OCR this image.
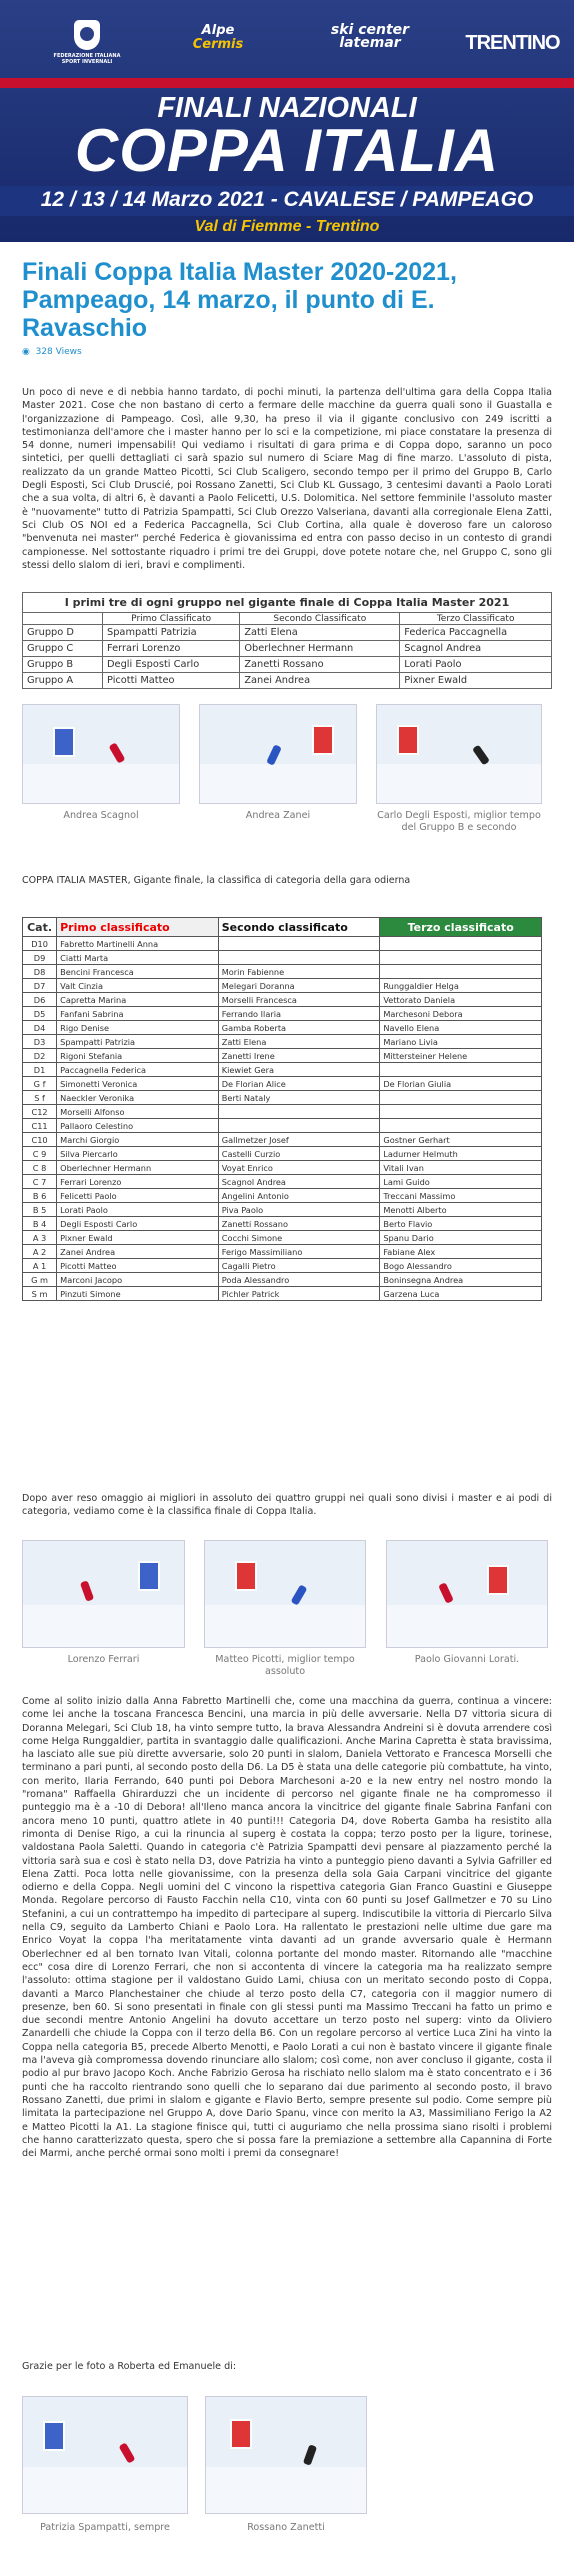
FEDERAZIONE ITALIANA SPORT INVERNALI
Alpe
Cermis
ski center
latemar	TRENTINO
FINALI NAZIONALI
COPPA ITALIA
12 / 13 / 14 Marzo 2021 - CAVALESE / PAMPEAGO
Val di Fiemme - Trentino
Finali Coppa Italia Master 2020-2021, Pampeago, 14 marzo, il punto di E. Ravaschio
◉ 328 Views

Un poco di neve e di nebbia hanno tardato, di pochi minuti, la partenza dell'ultima gara della Coppa Italia Master 2021. Cose che non bastano di certo a fermare delle macchine da guerra quali sono il Guastalla e l'organizzazione di Pampeago. Così, alle 9,30, ha preso il via il gigante conclusivo con 249 iscritti a testimonianza dell'amore che i master hanno per lo sci e la competizione, mi piace constatare la presenza di 54 donne, numeri impensabili! Qui vediamo i risultati di gara prima e di Coppa dopo, saranno un poco sintetici, per quelli dettagliati ci sarà spazio sul numero di Sciare Mag di fine marzo. L'assoluto di pista, realizzato da un grande Matteo Picotti, Sci Club Scaligero, secondo tempo per il primo del Gruppo B, Carlo Degli Esposti, Sci Club Druscié, poi Rossano Zanetti, Sci Club KL Gussago, 3 centesimi davanti a Paolo Lorati che a sua volta, di altri 6, è davanti a Paolo Felicetti, U.S. Dolomitica. Nel settore femminile l'assoluto master è "nuovamente" tutto di Patrizia Spampatti, Sci Club Orezzo Valseriana, davanti alla corregionale Elena Zatti, Sci Club OS NOI ed a Federica Paccagnella, Sci Club Cortina, alla quale è doveroso fare un caloroso "benvenuta nei master" perché Federica è giovanissima ed entra con passo deciso in un contesto di grandi campionesse. Nel sottostante riquadro i primi tre dei Gruppi, dove potete notare che, nel Gruppo C, sono gli stessi dello slalom di ieri, bravi e complimenti.

I primi tre di ogni gruppo nel gigante finale di Coppa Italia Master 2021			
	Primo Classificato	Secondo Classificato	Terzo Classificato
Gruppo D	Spampatti Patrizia	Zatti Elena	Federica Paccagnella
Gruppo C	Ferrari Lorenzo	Oberlechner Hermann	Scagnol Andrea
Gruppo B	Degli Esposti Carlo	Zanetti Rossano	Lorati Paolo
Gruppo A	Picotti Matteo	Zanei Andrea	Pixner Ewald
Andrea Scagnol	Andrea Zanei	Carlo Degli Esposti, miglior tempo del Gruppo B e secondo
COPPA ITALIA MASTER, Gigante finale, la classifica di categoria della gara odierna
Cat.	Primo classificato	Secondo classificato	Terzo classificato
D10	Fabretto Martinelli Anna		
D9	Ciatti Marta		
D8	Bencini Francesca	Morin Fabienne	
D7	Valt Cinzia	Melegari Doranna	Runggaldier Helga
D6	Capretta Marina	Morselli Francesca	Vettorato Daniela
D5	Fanfani Sabrina	Ferrando Ilaria	Marchesoni Debora
D4	Rigo Denise	Gamba Roberta	Navello Elena
D3	Spampatti Patrizia	Zatti Elena	Mariano Livia
D2	Rigoni Stefania	Zanetti Irene	Mittersteiner Helene
D1	Paccagnella Federica	Kiewiet Gera	
G f	Simonetti Veronica	De Florian Alice	De Florian Giulia
S f	Naeckler Veronika	Berti Nataly	
C12	Morselli Alfonso		
C11	Pallaoro Celestino		
C10	Marchi Giorgio	Gallmetzer Josef	Gostner Gerhart
C 9	Silva Piercarlo	Castelli Curzio	Ladurner Helmuth
C 8	Oberlechner Hermann	Voyat Enrico	Vitali Ivan
C 7	Ferrari Lorenzo	Scagnol Andrea	Lami Guido
B 6	Felicetti Paolo	Angelini Antonio	Treccani Massimo
B 5	Lorati Paolo	Piva Paolo	Menotti Alberto
B 4	Degli Esposti Carlo	Zanetti Rossano	Berto Flavio
A 3	Pixner Ewald	Cocchi Simone	Spanu Dario
A 2	Zanei Andrea	Ferigo Massimiliano	Fabiane Alex
A 1	Picotti Matteo	Cagalli Pietro	Bogo Alessandro
G m	Marconi Jacopo	Poda Alessandro	Boninsegna Andrea
S m	Pinzuti Simone	Pichler Patrick	Garzena Luca

Dopo aver reso omaggio ai migliori in assoluto dei quattro gruppi nei quali sono divisi i master e ai podi di categoria, vediamo come è la classifica finale di Coppa Italia.

Lorenzo Ferrari	Matteo Picotti, miglior tempo assoluto
Paolo Giovanni Lorati.

Come al solito inizio dalla Anna Fabretto Martinelli che, come una macchina da guerra, continua a vincere: come lei anche la toscana Francesca Bencini, una marcia in più delle avversarie. Nella D7 vittoria sicura di Doranna Melegari, Sci Club 18, ha vinto sempre tutto, la brava Alessandra Andreini si è dovuta arrendere così come Helga Runggaldier, partita in svantaggio dalle qualificazioni. Anche Marina Capretta è stata bravissima, ha lasciato alle sue più dirette avversarie, solo 20 punti in slalom, Daniela Vettorato e Francesca Morselli che terminano a pari punti, al secondo posto della D6. La D5 è stata una delle categorie più combattute, ha vinto, con merito, Ilaria Ferrando, 640 punti poi Debora Marchesoni a-20 e la new entry nel nostro mondo la "romana" Raffaella Ghirarduzzi che un incidente di percorso nel gigante finale ne ha compromesso il punteggio ma è a -10 di Debora! all'Ileno manca ancora la vincitrice del gigante finale Sabrina Fanfani con ancora meno 10 punti, quattro atlete in 40 punti!!! Categoria D4, dove Roberta Gamba ha resistito alla rimonta di Denise Rigo, a cui la rinuncia al superg è costata la coppa; terzo posto per la ligure, torinese, valdostana Paola Saletti. Quando in categoria c'è Patrizia Spampatti devi pensare al piazzamento perché la vittoria sarà sua e così è stato nella D3, dove Patrizia ha vinto a punteggio pieno davanti a Sylvia Gafriller ed Elena Zatti. Poca lotta nelle giovanissime, con la presenza della sola Gaia Carpani vincitrice del gigante odierno e della Coppa. Negli uomini del C vincono la rispettiva categoria Gian Franco Guastini e Giuseppe Monda. Regolare percorso di Fausto Facchin nella C10, vinta con 60 punti su Josef Gallmetzer e 70 su Lino Stefanini, a cui un contrattempo ha impedito di partecipare al superg. Indiscutibile la vittoria di Piercarlo Silva nella C9, seguito da Lamberto Chiani e Paolo Lora. Ha rallentato le prestazioni nelle ultime due gare ma Enrico Voyat la coppa l'ha meritatamente vinta davanti ad un grande avversario quale è Hermann Oberlechner ed al ben tornato Ivan Vitali, colonna portante del mondo master. Ritornando alle "macchine ecc" cosa dire di Lorenzo Ferrari, che non si accontenta di vincere la categoria ma ha realizzato sempre l'assoluto: ottima stagione per il valdostano Guido Lami, chiusa con un meritato secondo posto di Coppa, davanti a Marco Planchestainer che chiude al terzo posto della C7, categoria con il maggior numero di presenze, ben 60. Si sono presentati in finale con gli stessi punti ma Massimo Treccani ha fatto un primo e due secondi mentre Antonio Angelini ha dovuto accettare un terzo posto nel superg: vinto da Oliviero Zanardelli che chiude la Coppa con il terzo della B6. Con un regolare percorso al vertice Luca Zini ha vinto la Coppa nella categoria B5, precede Alberto Menotti, e Paolo Lorati a cui non è bastato vincere il gigante finale ma l'aveva già compromessa dovendo rinunciare allo slalom; così come, non aver concluso il gigante, costa il podio al pur bravo Jacopo Koch. Anche Fabrizio Gerosa ha rischiato nello slalom ma è stato concentrato e i 36 punti che ha raccolto rientrando sono quelli che lo separano dai due parimento al secondo posto, il bravo Rossano Zanetti, due primi in slalom e gigante e Flavio Berto, sempre presente sul podio. Come sempre più limitata la partecipazione nel Gruppo A, dove Dario Spanu, vince con merito la A3, Massimiliano Ferigo la A2 e Matteo Picotti la A1. La stagione finisce qui, tutti ci auguriamo che nella prossima siano risolti i problemi che hanno caratterizzato questa, spero che si possa fare la premiazione a settembre alla Capannina di Forte dei Marmi, anche perché ormai sono molti i premi da consegnare!

Grazie per le foto a Roberta ed Emanuele di:

Patrizia Spampatti, sempre	Rossano Zanetti
